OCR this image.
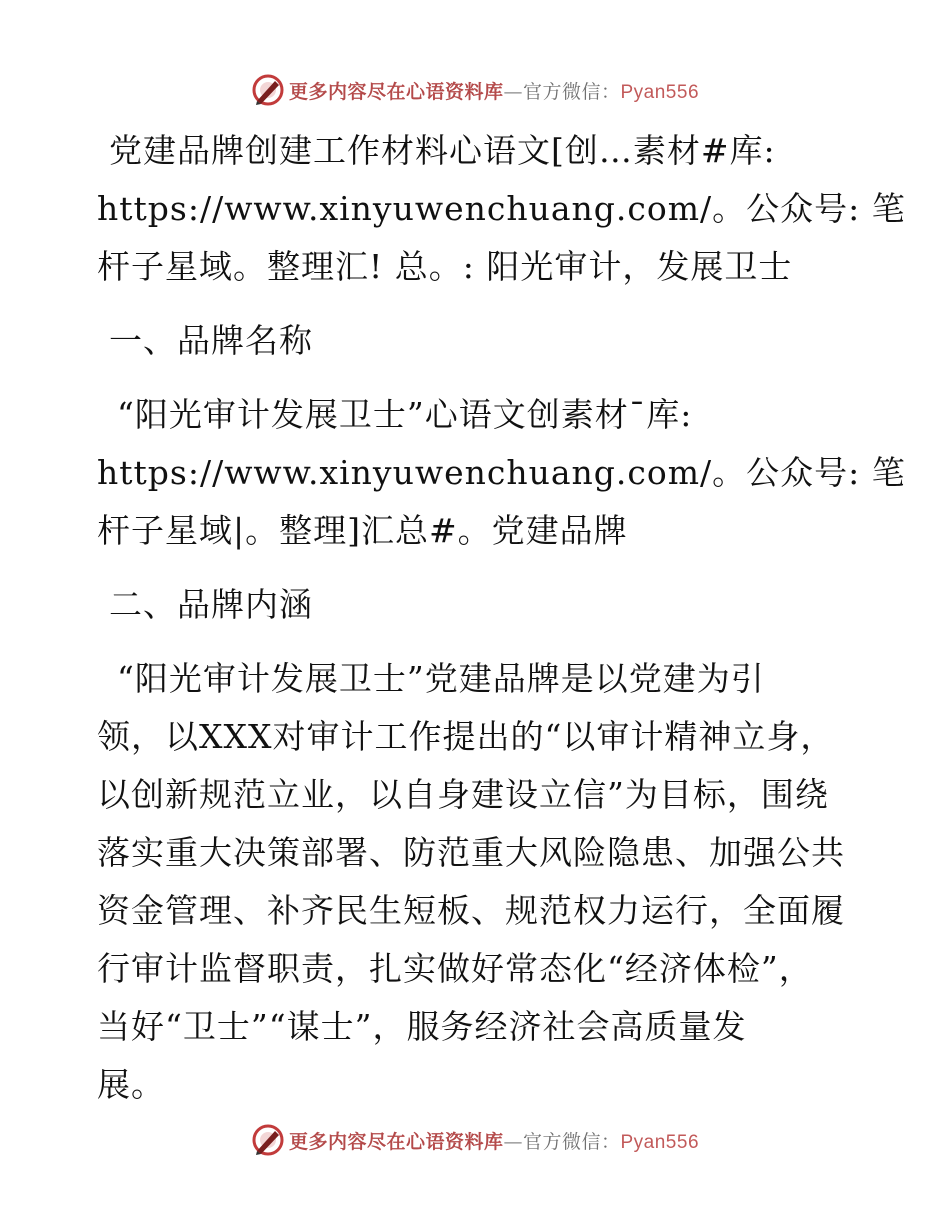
更多内容尽在心语资料库—官方微信：Pyan556
党建品牌创建工作材料心语文[创…素材#库:
https://www.xinyuwenchuang.com/。公众号: 笔
杆子星域。整理汇! 总。: 阳光审计，发展卫士
一、品牌名称
“阳光审计发展卫士”心语文创素材¯库:
https://www.xinyuwenchuang.com/。公众号: 笔
杆子星域|。整理]汇总#。党建品牌
二、品牌内涵
“阳光审计发展卫士”党建品牌是以党建为引
领，以XXX对审计工作提出的“以审计精神立身，
以创新规范立业，以自身建设立信”为目标，围绕
落实重大决策部署、防范重大风险隐患、加强公共
资金管理、补齐民生短板、规范权力运行，全面履
行审计监督职责，扎实做好常态化“经济体检”，
当好“卫士”“谋士”，服务经济社会高质量发
展。
更多内容尽在心语资料库—官方微信：Pyan556
